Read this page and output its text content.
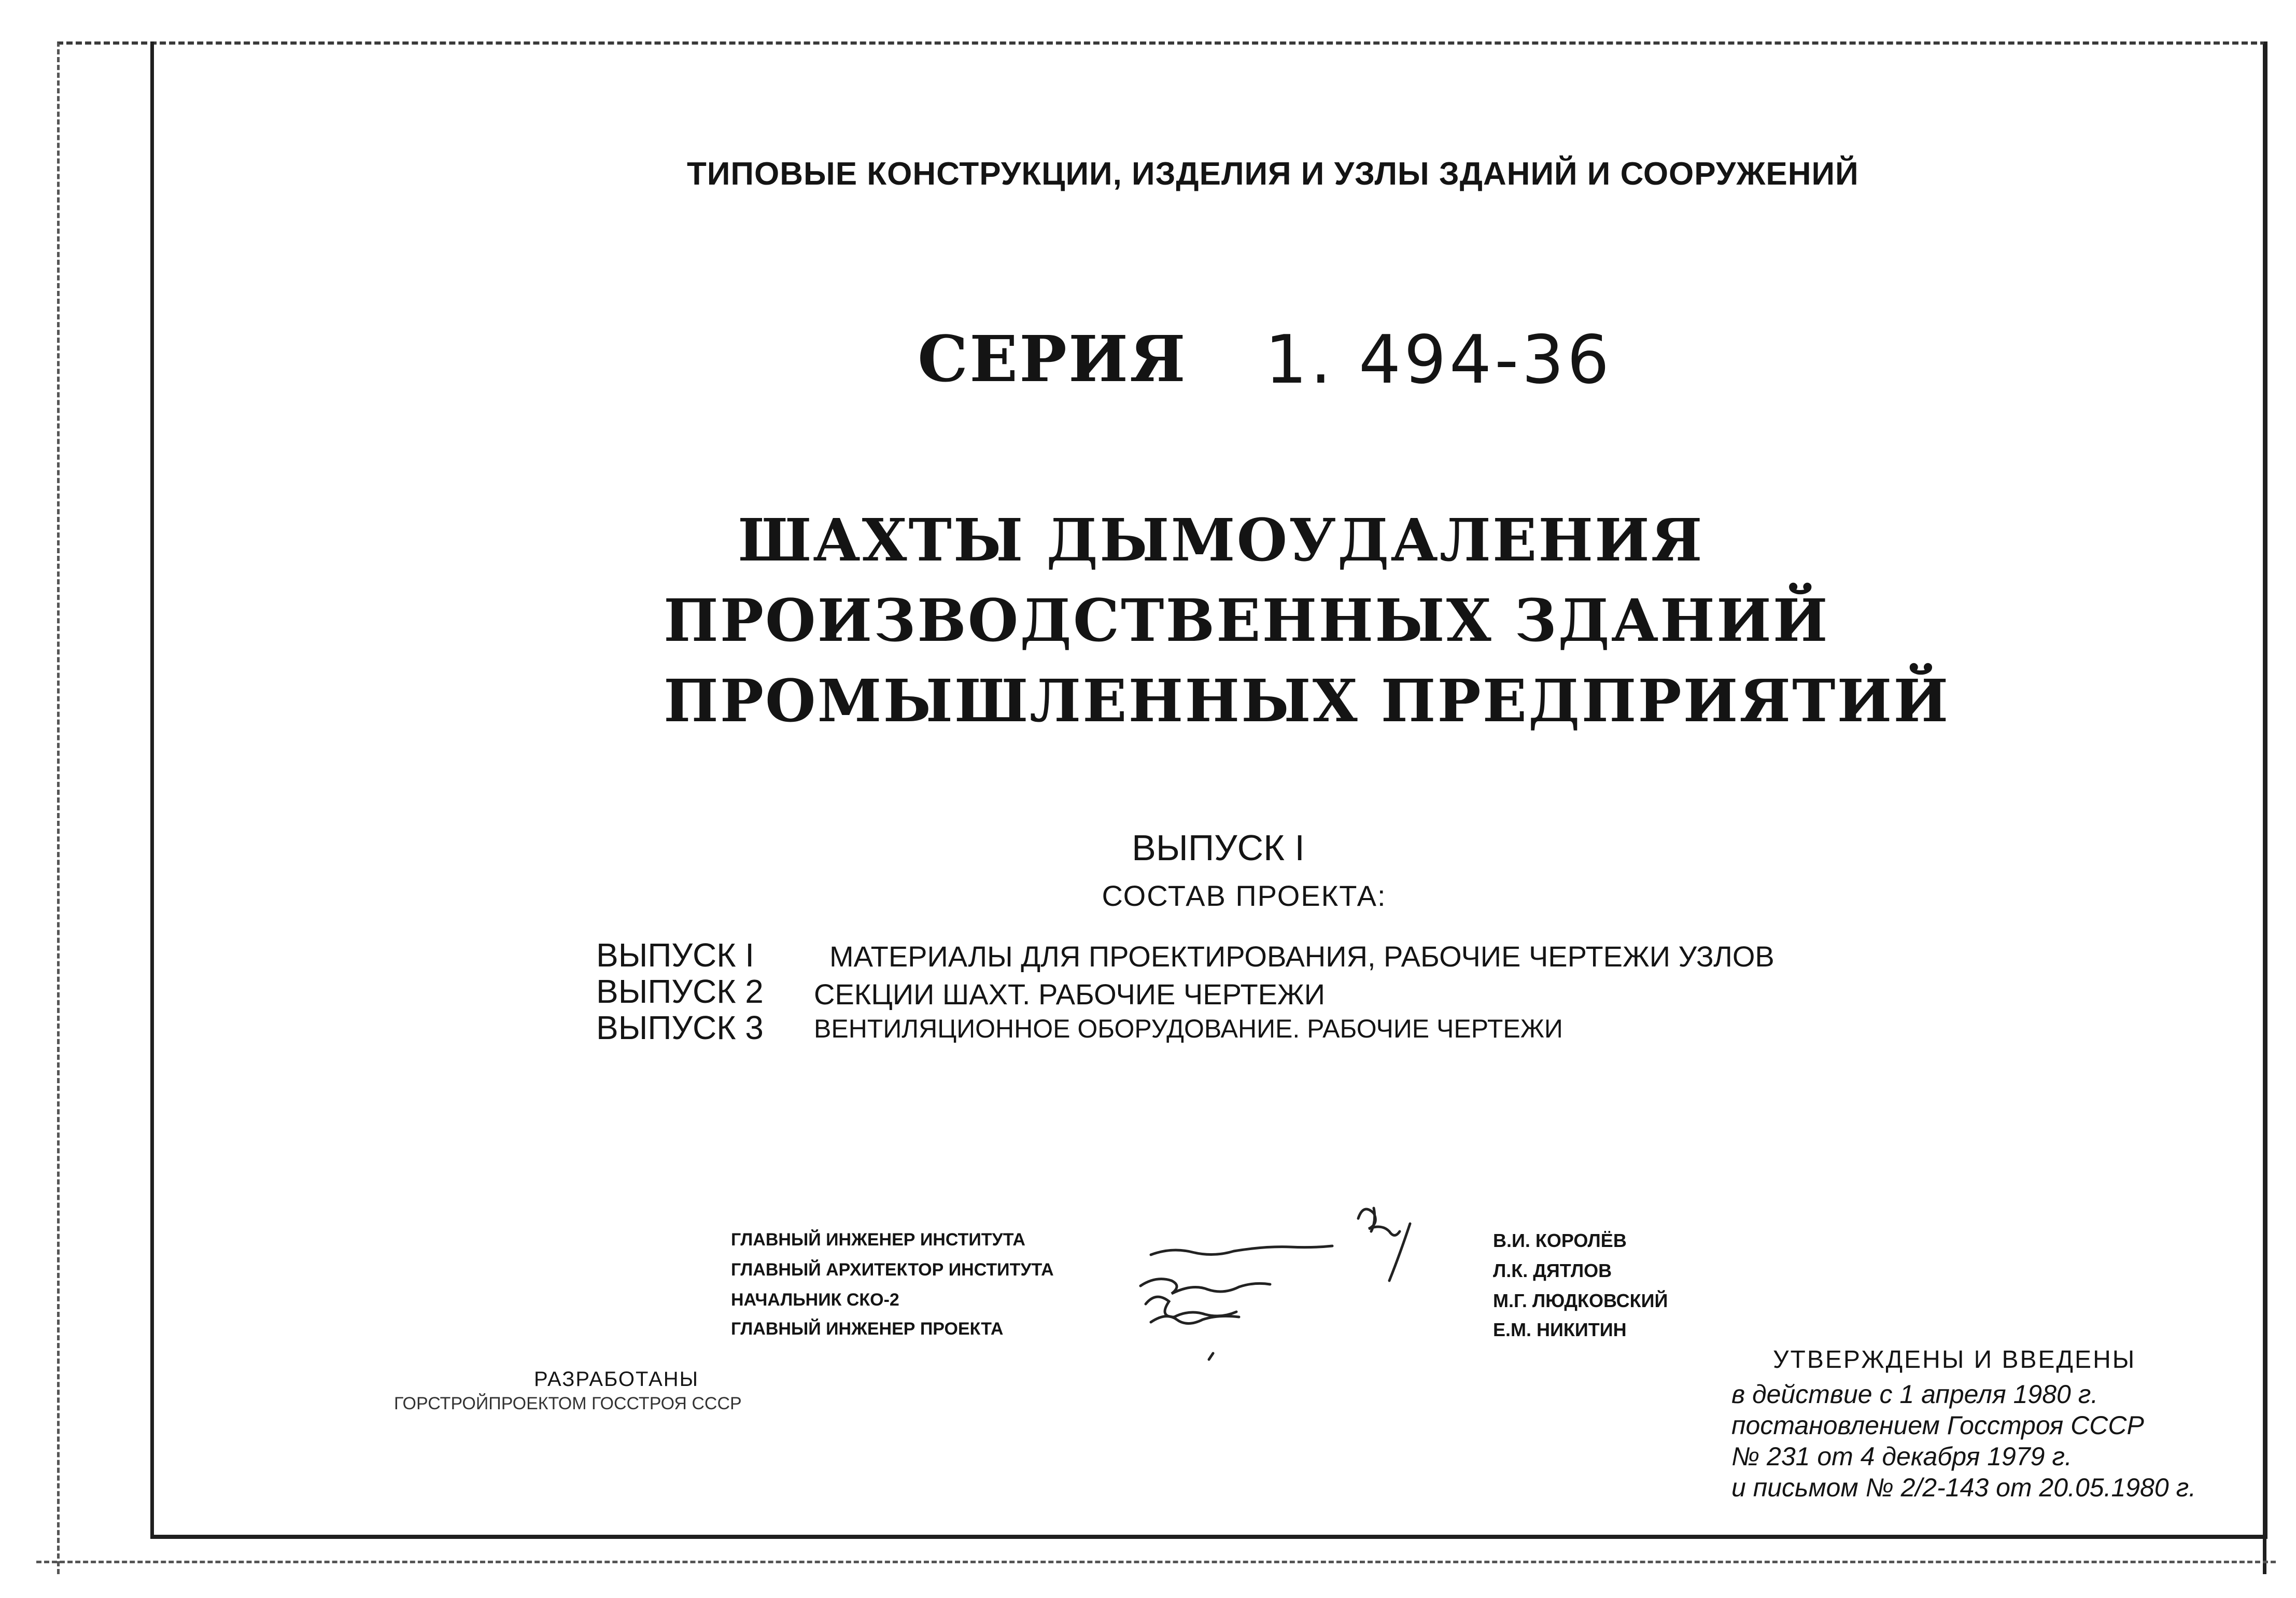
ТИПОВЫЕ КОНСТРУКЦИИ, ИЗДЕЛИЯ И УЗЛЫ ЗДАНИЙ И СООРУЖЕНИЙ
СЕРИЯ 1. 494-36
ШАХТЫ ДЫМОУДАЛЕНИЯ
ПРОИЗВОДСТВЕННЫХ ЗДАНИЙ
ПРОМЫШЛЕННЫХ ПРЕДПРИЯТИЙ
ВЫПУСК I
СОСТАВ ПРОЕКТА:
ВЫПУСК I	МАТЕРИАЛЫ ДЛЯ ПРОЕКТИРОВАНИЯ, РАБОЧИЕ ЧЕРТЕЖИ УЗЛОВ
ВЫПУСК 2 СЕКЦИИ ШАХТ. РАБОЧИЕ ЧЕРТЕЖИ
ВЫПУСК 3 ВЕНТИЛЯЦИОННОЕ ОБОРУДОВАНИЕ. РАБОЧИЕ ЧЕРТЕЖИ
ГЛАВНЫЙ ИНЖЕНЕР ИНСТИТУТА
ГЛАВНЫЙ АРХИТЕКТОР ИНСТИТУТА
НАЧАЛЬНИК СКО-2
ГЛАВНЫЙ ИНЖЕНЕР ПРОЕКТА
В.И. КОРОЛЁВ
Л.К. ДЯТЛОВ
М.Г. ЛЮДКОВСКИЙ
Е.М. НИКИТИН
РАЗРАБОТАНЫ
ГОРСТРОЙПРОЕКТОМ ГОССТРОЯ СССР
УТВЕРЖДЕНЫ И ВВЕДЕНЫ
в действие с 1 апреля 1980 г.
постановлением Госстроя СССР
№ 231 от 4 декабря 1979 г.
и письмом № 2/2-143 от 20.05.1980 г.
